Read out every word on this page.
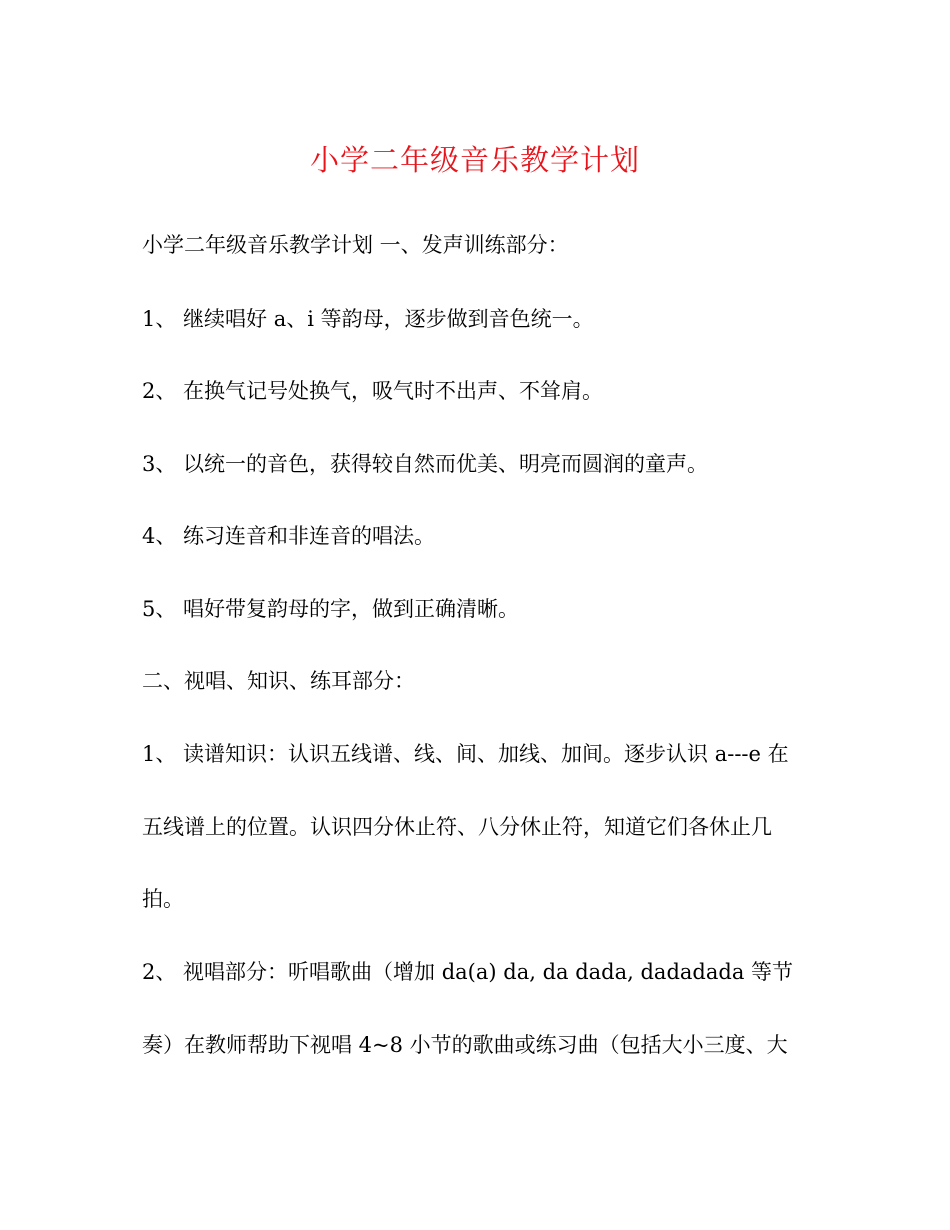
小学二年级音乐教学计划
小学二年级音乐教学计划 一、发声训练部分：
1、 继续唱好 a、i 等韵母，逐步做到音色统一。
2、 在换气记号处换气，吸气时不出声、不耸肩。
3、 以统一的音色，获得较自然而优美、明亮而圆润的童声。
4、 练习连音和非连音的唱法。
5、 唱好带复韵母的字，做到正确清晰。
二、视唱、知识、练耳部分：
1、 读谱知识：认识五线谱、线、间、加线、加间。逐步认识 a---e 在
五线谱上的位置。认识四分休止符、八分休止符，知道它们各休止几
拍。
2、 视唱部分：听唱歌曲（增加 da(a) da, da dada, dadadada 等节
奏）在教师帮助下视唱 4~8 小节的歌曲或练习曲（包括大小三度、大
